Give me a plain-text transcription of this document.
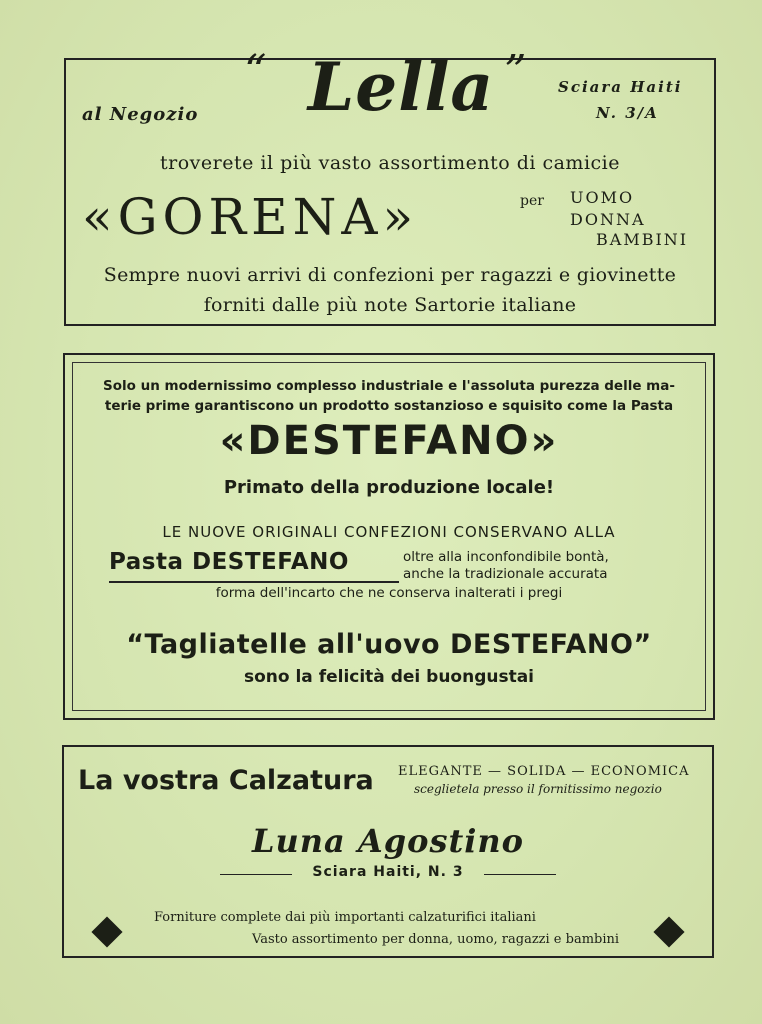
al Negozio
“ Lella ” Sciara Haiti
N. 3/A
troverete il più vasto assortimento di camicie
«GORENA»	per UOMO
DONNA
BAMBINI
Sempre nuovi arrivi di confezioni per ragazzi e giovinette
forniti dalle più note Sartorie italiane
Solo un modernissimo complesso industriale e l'assoluta purezza delle ma-
terie prime garantiscono un prodotto sostanzioso e squisito come la Pasta
«DESTEFANO»
Primato della produzione locale!
LE NUOVE ORIGINALI CONFEZIONI CONSERVANO ALLA
Pasta DESTEFANO	oltre alla inconfondibile bontà,
anche la tradizionale accurata
forma dell'incarto che ne conserva inalterati i pregi
“Tagliatelle all'uovo DESTEFANO”
sono la felicità dei buongustai
La vostra Calzatura ELEGANTE — SOLIDA — ECONOMICA
sceglietela presso il fornitissimo negozio
Luna Agostino
Sciara Haiti, N. 3
Forniture complete dai più importanti calzaturifici italiani
Vasto assortimento per donna, uomo, ragazzi e bambini
